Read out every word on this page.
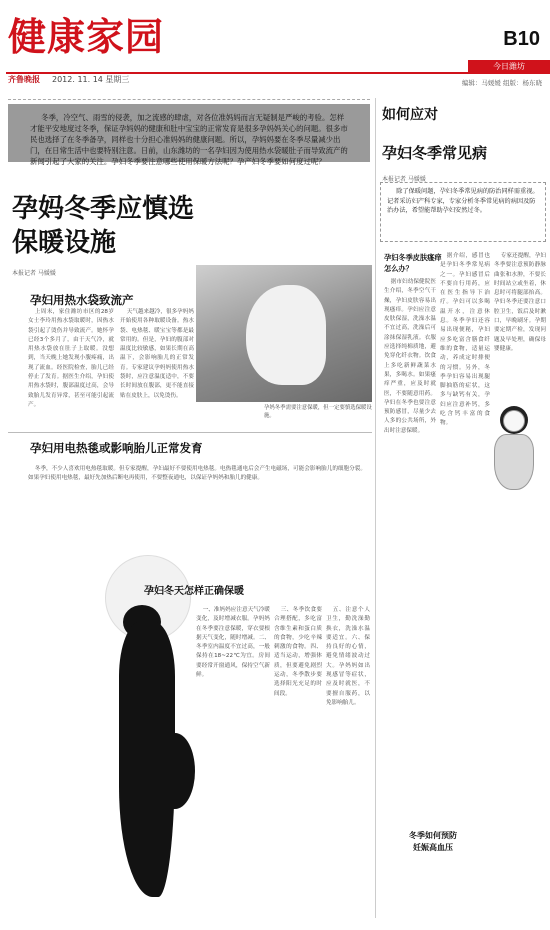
健康家园	B10
今日潍坊
齐鲁晚报 2012. 11. 14 星期三	编辑：马媛媛 组版：杨东晓

冬季，冷空气、雨雪的侵袭，加之流感的肆虐，对各位准妈妈而言无疑制是严峻的考验。怎样才能平安地度过冬季，保证孕妈妈的健康和肚中宝宝的正常发育是很多孕妈妈关心的问题。很多市民也选择了在冬季备孕，同样也十分担心准妈妈的健康问题。所以，孕妈妈要在冬季尽量减少出门，在日常生活中也要特别注意。日前，山东潍坊的一名孕妇因为使用热水袋暖肚子而导致流产的新闻引起了大家的关注。孕妇冬季要注意哪些使用保暖方法呢？孕产妇冬季要如何度过呢？

孕妈冬季应慎选
保暖设施
本报记者 马媛媛
孕妈冬季需要注意保暖，但一定要慎选保暖设施。
孕妇用热水袋致流产
上周末，家住潍坊市区的28岁女士李玲用热水袋取暖时，因热水袋引起了烫伤并导致流产。她怀孕已经3个多月了，由于天气冷，就用热水袋放在肚子上取暖。没想到，当天晚上她发现小腹疼痛，出现了流血。经医院检查，胎儿已经停止了发育。据医生介绍，孕妇使用热水袋时，腹部温度过高，会导致胎儿发育异常，甚至可能引起流产。
天气越来越冷，很多孕妈妈开始使用各种取暖设备。热水袋、电热毯、暖宝宝等都是最常用的。但是，孕妇的腹部对温度比较敏感，如果长期在高温下，会影响胎儿的正常发育。专家建议孕妈妈使用热水袋时，应注意温度适中，不要长时间放在腹部，更不能直接贴在皮肤上，以免烫伤。
孕妇用电热毯或影响胎儿正常发育
冬季，不少人喜欢用电热毯取暖。但专家提醒，孕妇最好不要使用电热毯。电热毯通电后会产生电磁场，可能会影响胎儿的细胞分裂。如果孕妇使用电热毯，最好先加热后断电再使用，不要整夜通电，以保证孕妈妈和胎儿的健康。
孕妇冬天怎样正确保暖
一、准妈妈应注意天气冷暖变化，及时增减衣服。孕妈妈在冬季要注意保暖，穿衣要根据天气变化，随时增减。二、冬季室内温度不宜过高，一般保持在18~22℃为宜。房间要经常开窗通风，保持空气新鲜。
三、冬季饮食要合理搭配，多吃富含维生素和蛋白质的食物，少吃辛辣刺激的食物。四、适当运动，增强体质，但要避免剧烈运动，冬季散步要选择阳光充足的时间段。
五、注意个人卫生，勤洗澡勤换衣，洗澡水温要适宜。六、保持良好的心情，避免情绪波动过大。孕妈妈如出现感冒等症状，应及时就医，不要擅自服药，以免影响胎儿。
如何应对
孕妇冬季常见病
本报记者 马媛媛

除了保暖问题，孕妇冬季常见病的防治同样需重视。记者采访妇产科专家，专家分析冬季常见病的病因及防治办法，希望能帮助孕妇安然过冬。

孕妇冬季皮肤瘙痒怎么办？
据市妇幼保健院医生介绍，冬季空气干燥，孕妇皮肤容易出现瘙痒。孕妇应注意皮肤保湿，洗澡水温不宜过高，洗澡后可涂抹保湿乳液。衣服应选择纯棉质地，避免穿化纤衣物。饮食上多吃新鲜蔬菜水果，多喝水。如果瘙痒严重，应及时就医，不要随意用药。孕妇在冬季也要注意预防感冒，尽量少去人多的公共场所，外出时注意保暖。
据介绍，感冒也是孕妇冬季常见病之一。孕妇感冒后不要自行用药，应在医生指导下治疗。孕妇可以多喝温开水，注意休息。冬季孕妇还容易出现便秘，孕妇应多吃富含膳食纤维的食物，适量运动，养成定时排便的习惯。另外，冬季孕妇容易出现腿脚抽筋的症状，这多与缺钙有关，孕妇应注意补钙，多吃含钙丰富的食物。
专家还提醒，孕妇冬季要注意预防静脉曲张和水肿，不要长时间站立或坐着，休息时可将腿部抬高。孕妇冬季还要注意口腔卫生，饭后及时漱口，早晚刷牙。孕期要定期产检，发现问题及早处理，确保母婴健康。
冬季如何预防
妊娠高血压
